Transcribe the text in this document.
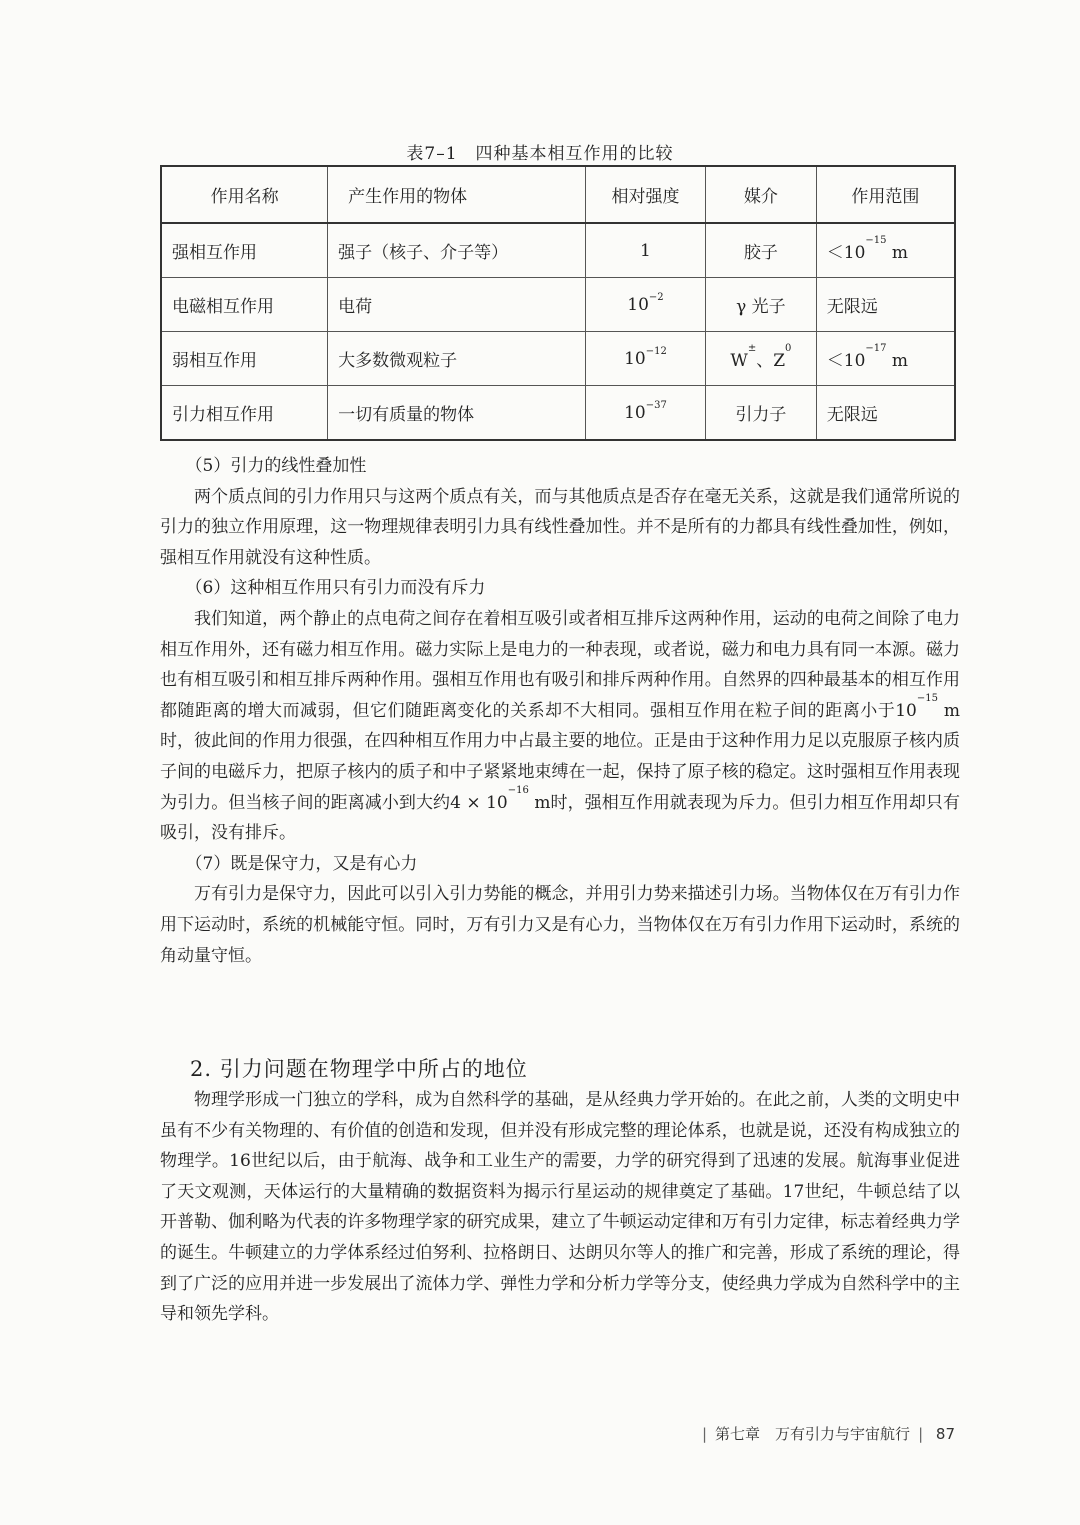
表7–1　四种基本相互作用的比较
作用名称	产生作用的物体	相对强度	媒介	作用范围
强相互作用	强子（核子、介子等）	1	胶子	$<10^{-15}$ m
电磁相互作用	电荷	$10^{-2}$	γ 光子	无限远
弱相互作用	大多数微观粒子	$10^{-12}$	W±、$Z^0$	$<10^{-17}$ m
引力相互作用	一切有质量的物体	$10^{-37}$	引力子	无限远

（5）引力的线性叠加性

两个质点间的引力作用只与这两个质点有关，而与其他质点是否存在毫无关系，这就是我们通常所说的引力的独立作用原理，这一物理规律表明引力具有线性叠加性。并不是所有的力都具有线性叠加性，例如，强相互作用就没有这种性质。

（6）这种相互作用只有引力而没有斥力

我们知道，两个静止的点电荷之间存在着相互吸引或者相互排斥这两种作用，运动的电荷之间除了电力相互作用外，还有磁力相互作用。磁力实际上是电力的一种表现，或者说，磁力和电力具有同一本源。磁力也有相互吸引和相互排斥两种作用。强相互作用也有吸引和排斥两种作用。自然界的四种最基本的相互作用都随距离的增大而减弱，但它们随距离变化的关系却不大相同。强相互作用在粒子间的距离小于$10^{-15}$ m时，彼此间的作用力很强，在四种相互作用力中占最主要的地位。正是由于这种作用力足以克服原子核内质子间的电磁斥力，把原子核内的质子和中子紧紧地束缚在一起，保持了原子核的稳定。这时强相互作用表现为引力。但当核子间的距离减小到大约$4 \times 10^{-16}$ m时，强相互作用就表现为斥力。但引力相互作用却只有吸引，没有排斥。

（7）既是保守力，又是有心力

万有引力是保守力，因此可以引入引力势能的概念，并用引力势来描述引力场。当物体仅在万有引力作用下运动时，系统的机械能守恒。同时，万有引力又是有心力，当物体仅在万有引力作用下运动时，系统的角动量守恒。

2. 引力问题在物理学中所占的地位

物理学形成一门独立的学科，成为自然科学的基础，是从经典力学开始的。在此之前，人类的文明史中虽有不少有关物理的、有价值的创造和发现，但并没有形成完整的理论体系，也就是说，还没有构成独立的物理学。16世纪以后，由于航海、战争和工业生产的需要，力学的研究得到了迅速的发展。航海事业促进了天文观测，天体运行的大量精确的数据资料为揭示行星运动的规律奠定了基础。17世纪，牛顿总结了以开普勒、伽利略为代表的许多物理学家的研究成果，建立了牛顿运动定律和万有引力定律，标志着经典力学的诞生。牛顿建立的力学体系经过伯努利、拉格朗日、达朗贝尔等人的推广和完善，形成了系统的理论，得到了广泛的应用并进一步发展出了流体力学、弹性力学和分析力学等分支，使经典力学成为自然科学中的主导和领先学科。

| 第七章　万有引力与宇宙航行 | 87
